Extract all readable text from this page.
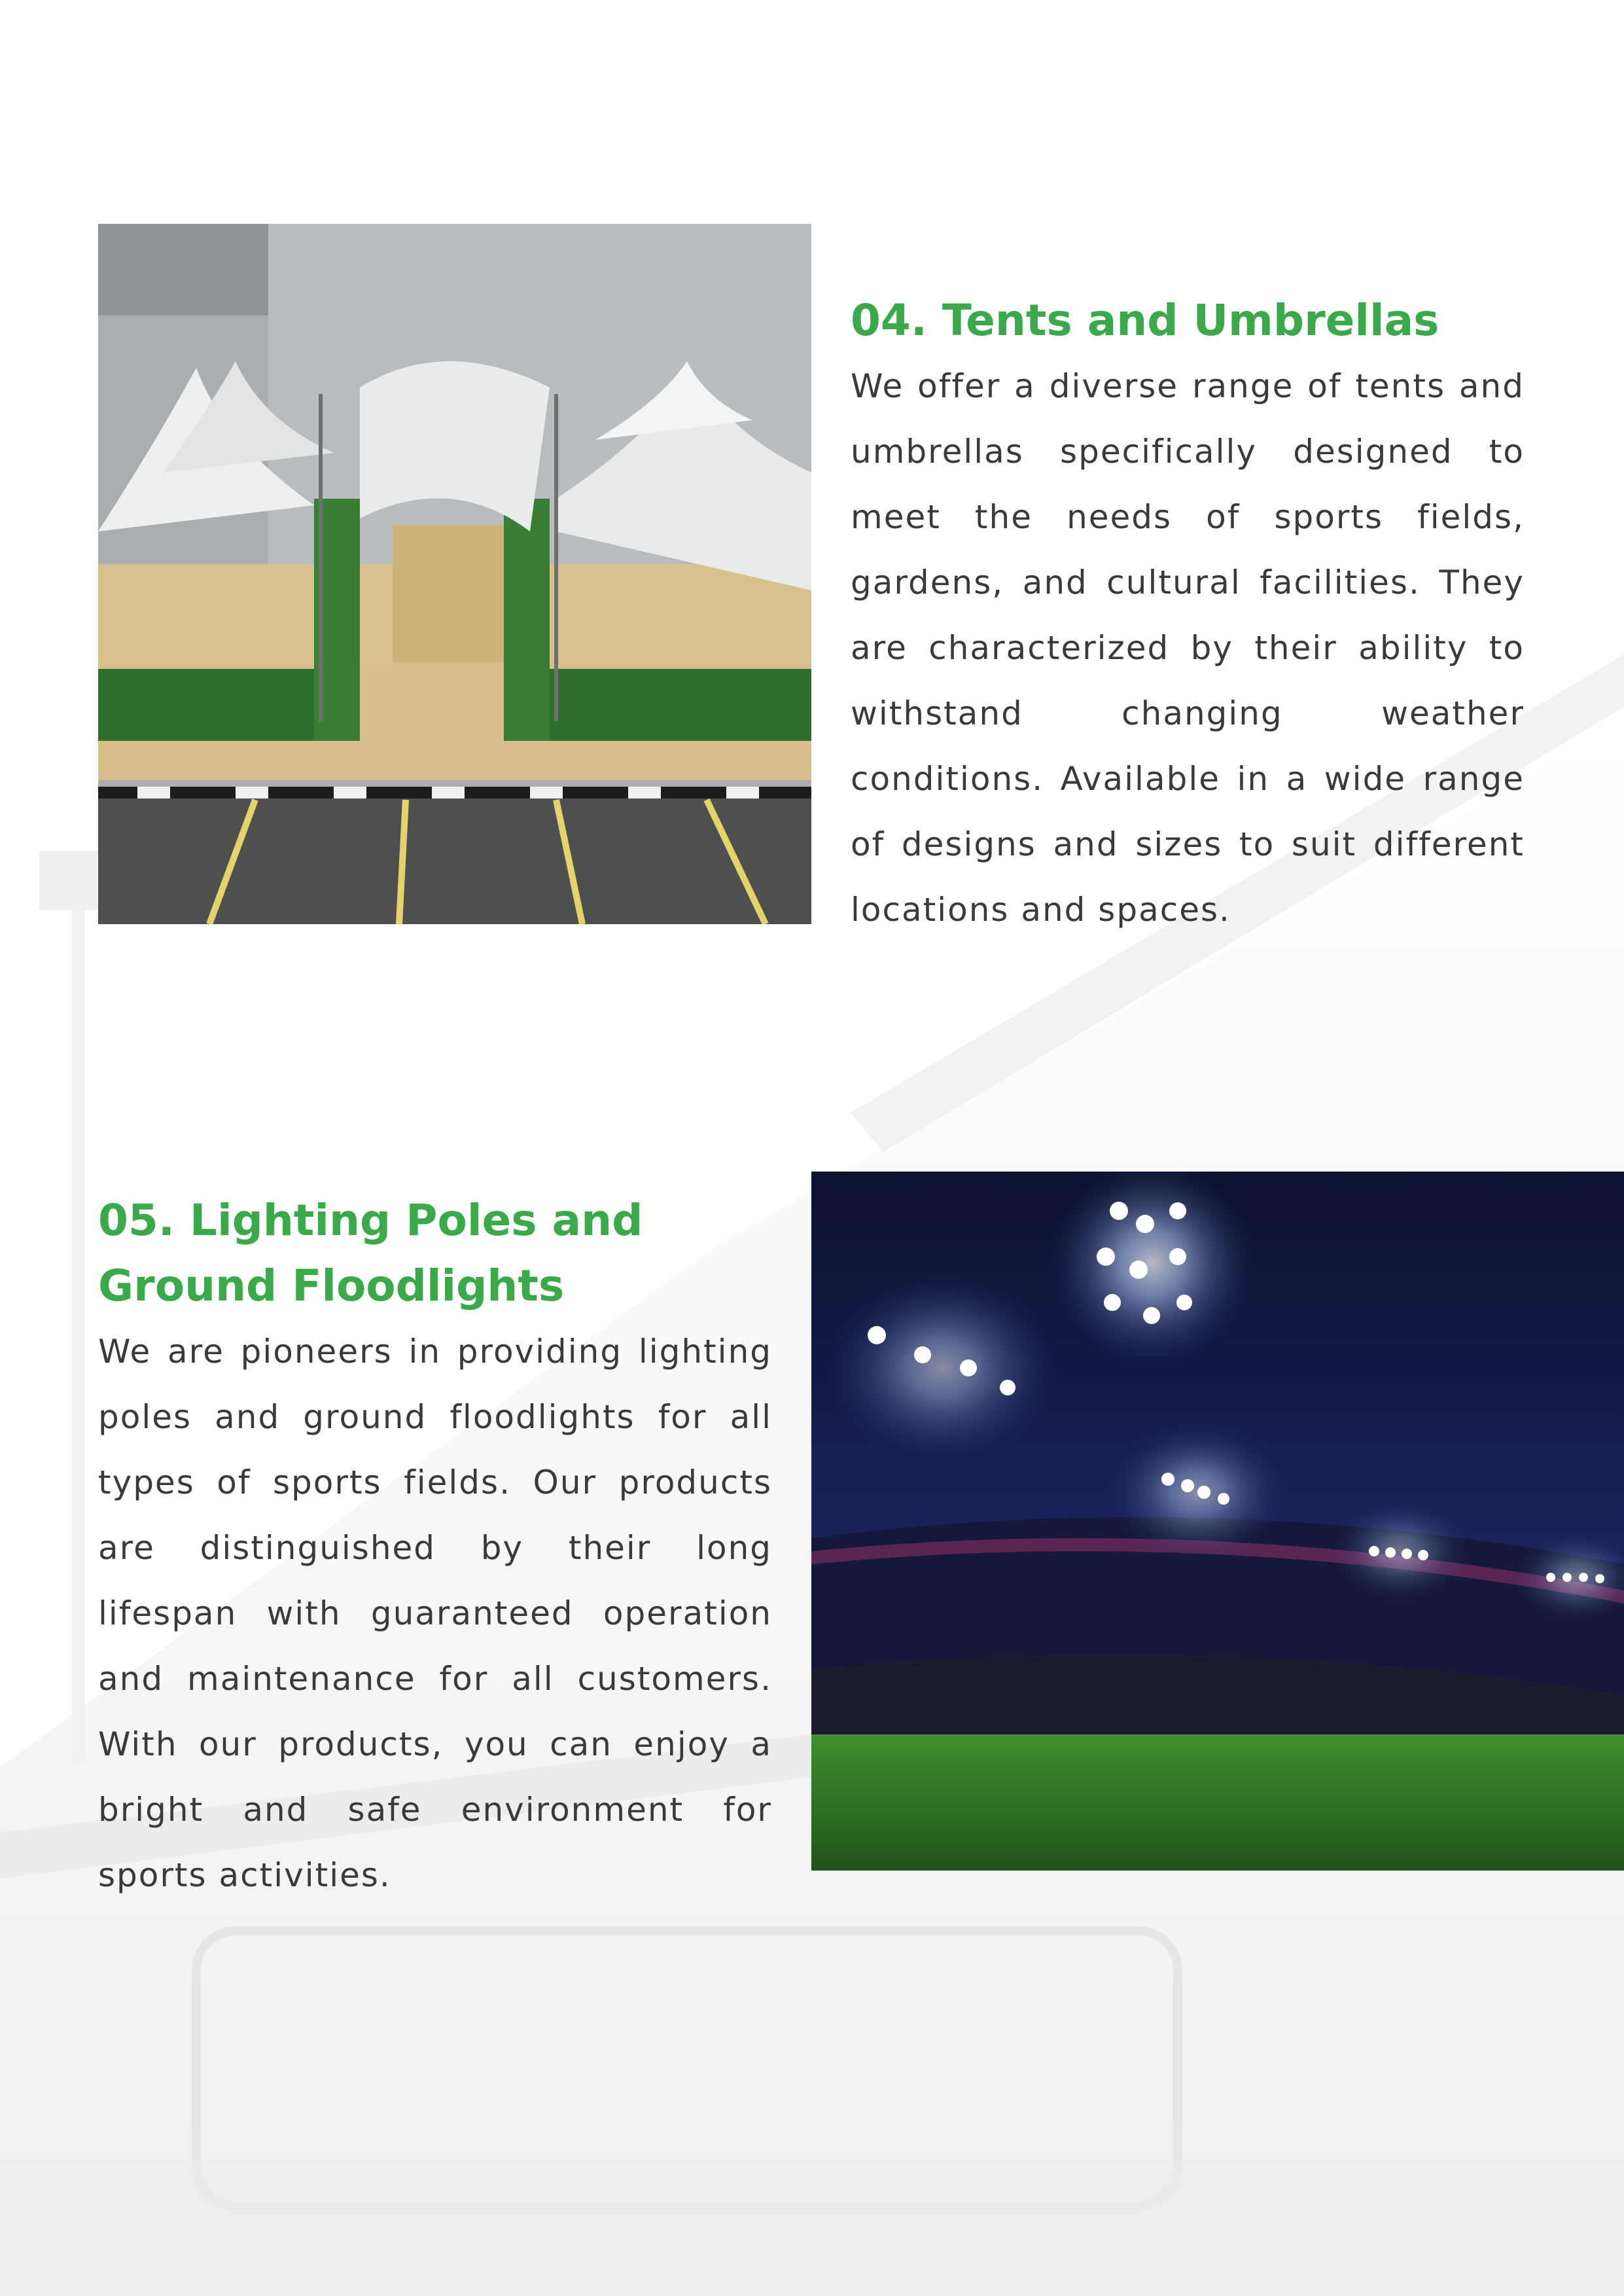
04. Tents and Umbrellas

We offer a diverse range of tents and umbrellas specifically designed to meet the needs of sports fields, gardens, and cultural facilities. They are characterized by their ability to withstand changing weather conditions. Available in a wide range of designs and sizes to suit different locations and spaces.

05. Lighting Poles and Ground Floodlights

We are pioneers in providing lighting poles and ground floodlights for all types of sports fields. Our products are distinguished by their long lifespan with guaranteed operation and maintenance for all customers. With our products, you can enjoy a bright and safe environment for sports activities.
